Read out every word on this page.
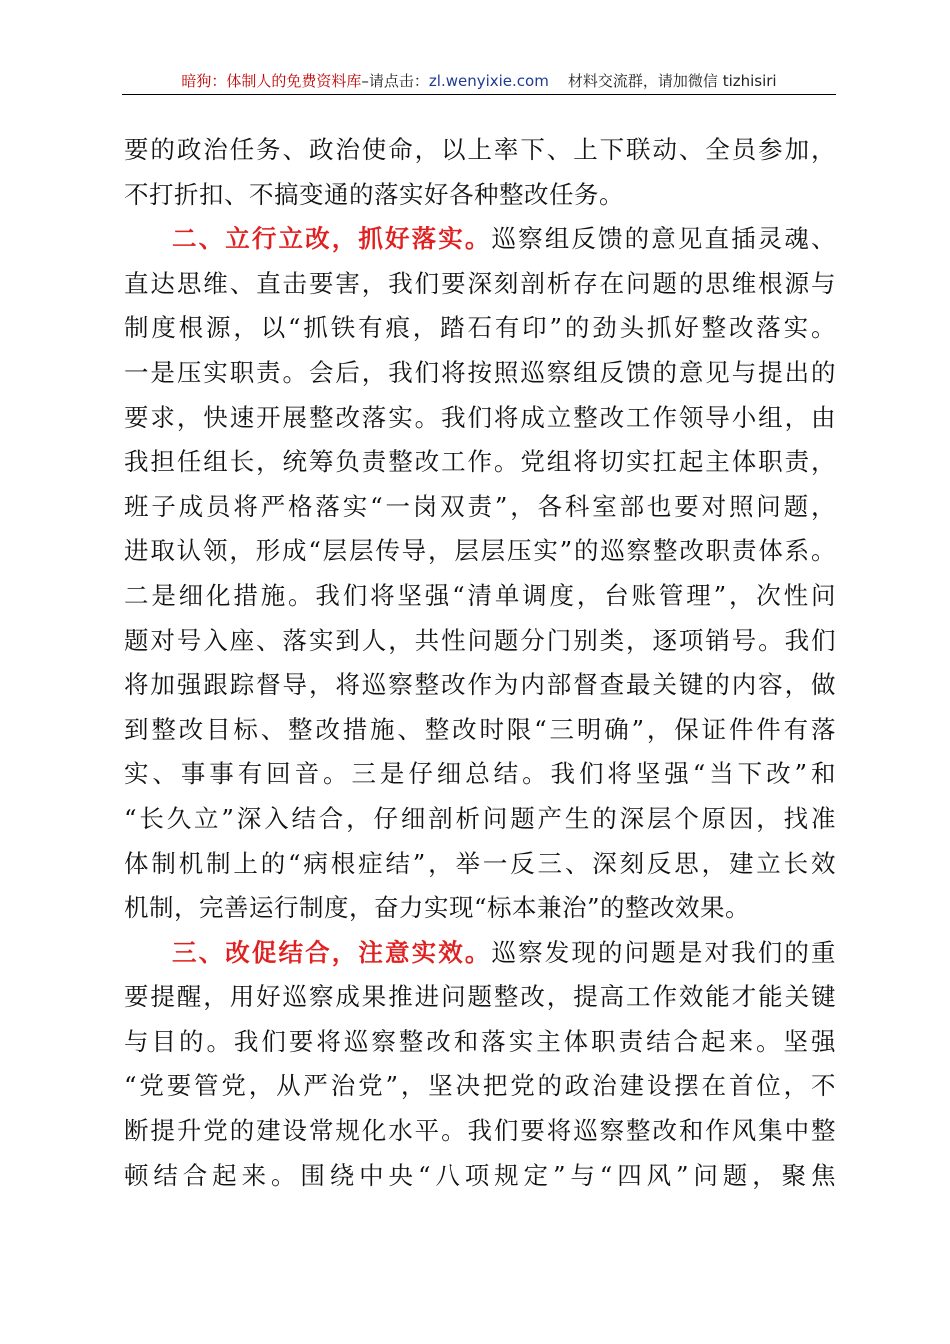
暗狗：体制人的免费资料库–请点击：zl.wenyixie.com 材料交流群，请加微信 tizhisiri
要的政治任务、政治使命，以上率下、上下联动、全员参加，
不打折扣、不搞变通的落实好各种整改任务。
二、立行立改，抓好落实。巡察组反馈的意见直插灵魂、
直达思维、直击要害，我们要深刻剖析存在问题的思维根源与
制度根源，以“抓铁有痕，踏石有印”的劲头抓好整改落实。
一是压实职责。会后，我们将按照巡察组反馈的意见与提出的
要求，快速开展整改落实。我们将成立整改工作领导小组，由
我担任组长，统筹负责整改工作。党组将切实扛起主体职责，
班子成员将严格落实“一岗双责”，各科室部也要对照问题，
进取认领，形成“层层传导，层层压实”的巡察整改职责体系。
二是细化措施。我们将坚强“清单调度，台账管理”，次性问
题对号入座、落实到人，共性问题分门别类，逐项销号。我们
将加强跟踪督导，将巡察整改作为内部督查最关键的内容，做
到整改目标、整改措施、整改时限“三明确”，保证件件有落
实、事事有回音。三是仔细总结。我们将坚强“当下改”和
“长久立”深入结合，仔细剖析问题产生的深层个原因，找准
体制机制上的“病根症结”，举一反三、深刻反思，建立长效
机制，完善运行制度，奋力实现“标本兼治”的整改效果。
三、改促结合，注意实效。巡察发现的问题是对我们的重
要提醒，用好巡察成果推进问题整改，提高工作效能才能关键
与目的。我们要将巡察整改和落实主体职责结合起来。坚强
“党要管党，从严治党”，坚决把党的政治建设摆在首位，不
断提升党的建设常规化水平。我们要将巡察整改和作风集中整
顿结合起来。围绕中央“八项规定”与“四风”问题，聚焦
